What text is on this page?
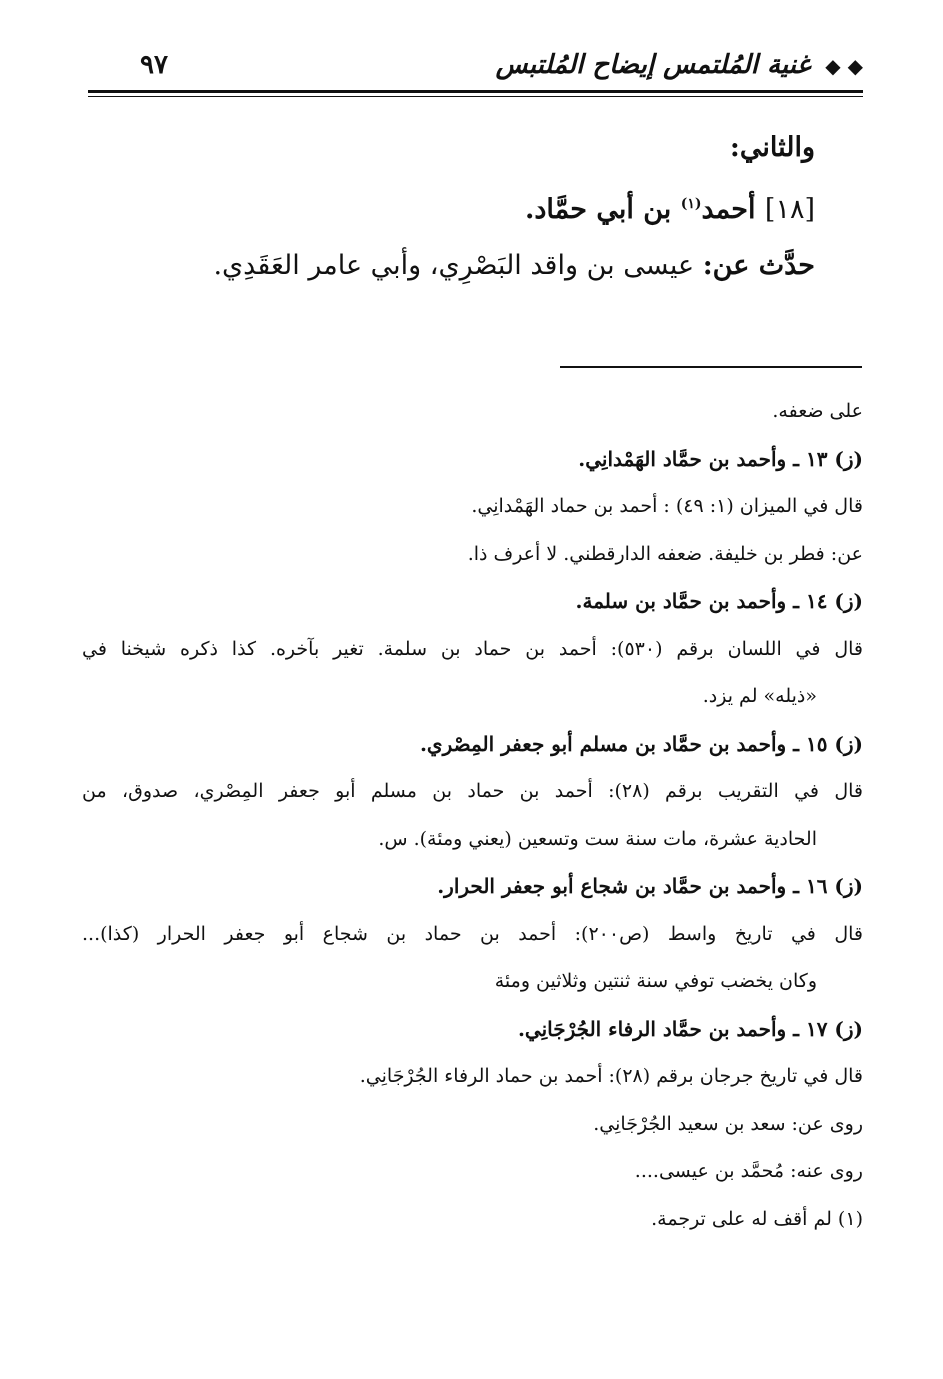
◆ ◆ غنية المُلتمس إيضاح المُلتبس
٩٧
والثاني:
[١٨] أحمد$^{(١)}$ بن أبي حمَّاد.
حدَّث عن: عيسى بن واقد البَصْرِي، وأبي عامر العَقَدِي.
على ضعفه.
(ز) ١٣ ـ وأحمد بن حمَّاد الهَمْدانِي.
قال في الميزان (١: ٤٩) : أحمد بن حماد الهَمْدانِي.
عن: فطر بن خليفة. ضعفه الدارقطني. لا أعرف ذا.
(ز) ١٤ ـ وأحمد بن حمَّاد بن سلمة.
قال في اللسان برقم (٥٣٠): أحمد بن حماد بن سلمة. تغير بآخره. كذا ذكره شيخنا في
«ذيله» لم يزد.
(ز) ١٥ ـ وأحمد بن حمَّاد بن مسلم أبو جعفر المِصْري.
قال في التقريب برقم (٢٨): أحمد بن حماد بن مسلم أبو جعفر المِصْري، صدوق، من
الحادية عشرة، مات سنة ست وتسعين (يعني ومئة). س.
(ز) ١٦ ـ وأحمد بن حمَّاد بن شجاع أبو جعفر الحرار.
قال في تاريخ واسط (ص٢٠٠): أحمد بن حماد بن شجاع أبو جعفر الحرار (كذا)...
وكان يخضب توفي سنة ثنتين وثلاثين ومئة
(ز) ١٧ ـ وأحمد بن حمَّاد الرفاء الجُرْجَانِي.
قال في تاريخ جرجان برقم (٢٨): أحمد بن حماد الرفاء الجُرْجَانِي.
روى عن: سعد بن سعيد الجُرْجَانِي.
روى عنه: مُحمَّد بن عيسى....
(١) لم أقف له على ترجمة.
